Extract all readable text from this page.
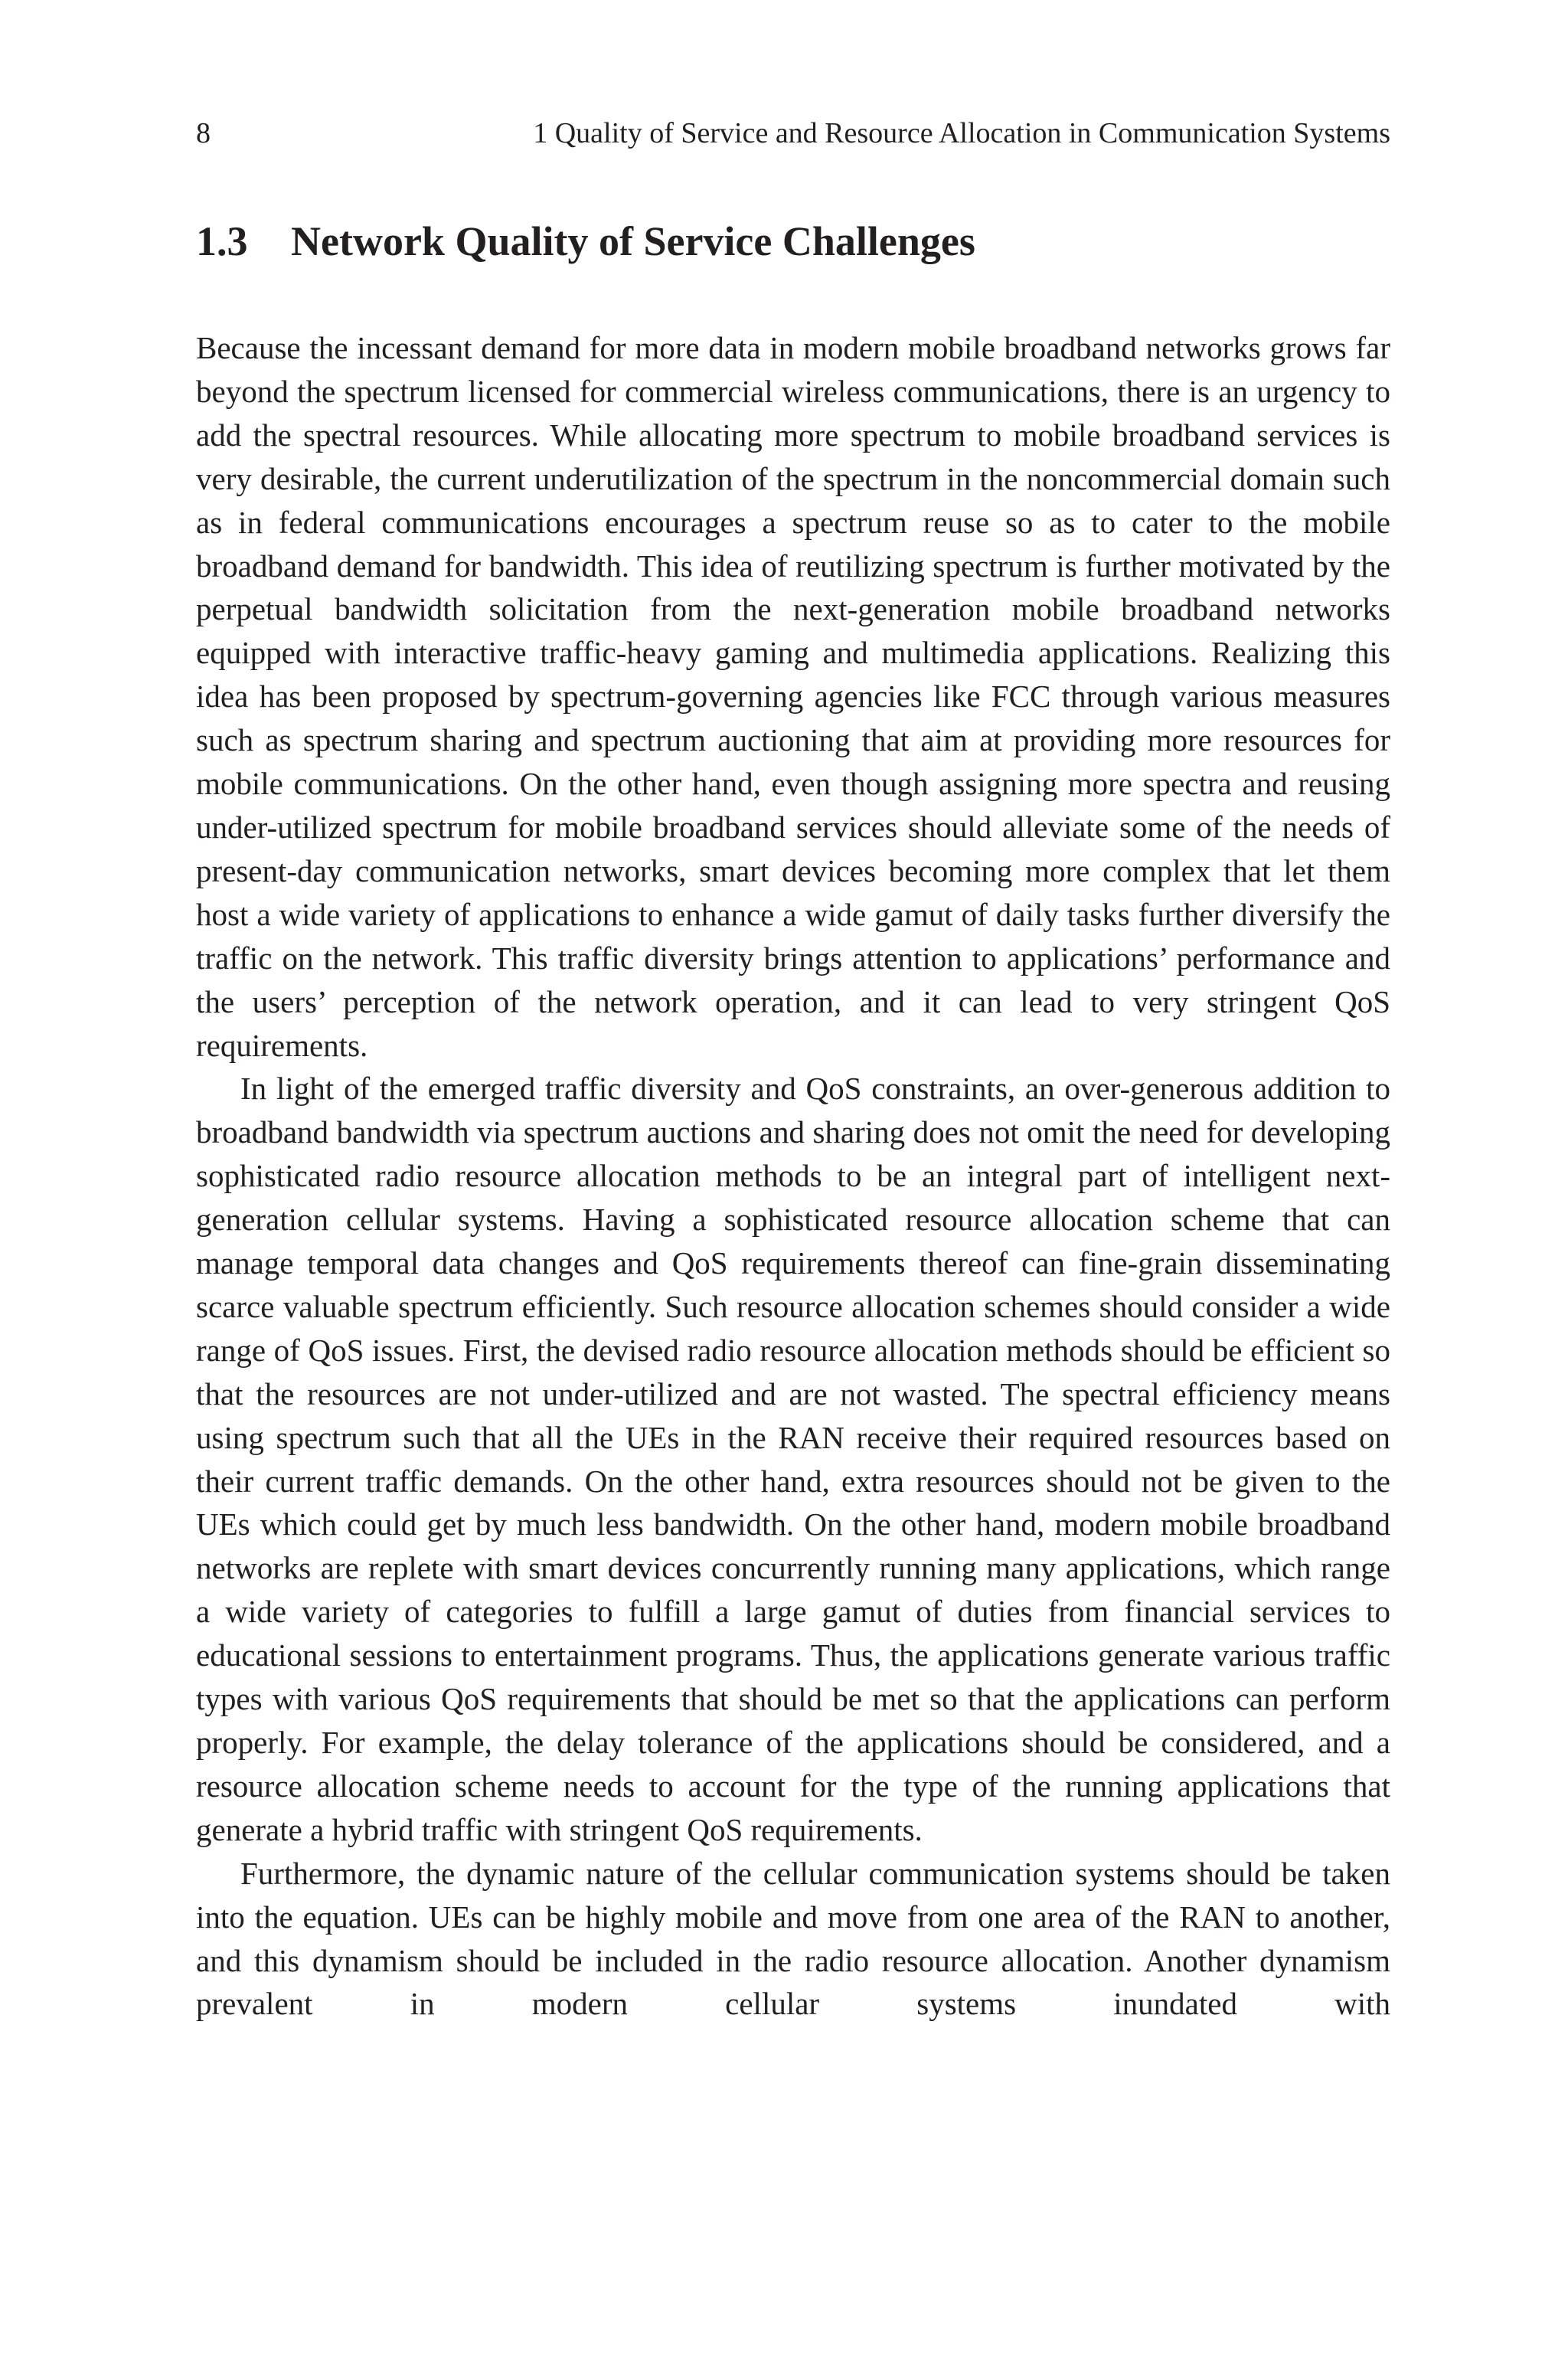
8	1 Quality of Service and Resource Allocation in Communication Systems
1.3	Network Quality of Service Challenges

Because the incessant demand for more data in modern mobile broadband networks grows far beyond the spectrum licensed for commercial wireless communications, there is an urgency to add the spectral resources. While allocating more spectrum to mobile broadband services is very desirable, the current underutilization of the spectrum in the noncommercial domain such as in federal communications encourages a spectrum reuse so as to cater to the mobile broadband demand for bandwidth. This idea of reutilizing spectrum is further motivated by the perpetual bandwidth solicitation from the next-generation mobile broadband networks equipped with interactive traffic-heavy gaming and multimedia applications. Realizing this idea has been proposed by spectrum-governing agencies like FCC through various measures such as spectrum sharing and spectrum auctioning that aim at providing more resources for mobile communications. On the other hand, even though assigning more spectra and reusing under-utilized spectrum for mobile broadband services should alleviate some of the needs of present-day communication networks, smart devices becoming more complex that let them host a wide variety of applications to enhance a wide gamut of daily tasks further diversify the traffic on the network. This traffic diversity brings attention to applications’ performance and the users’ perception of the network operation, and it can lead to very stringent QoS requirements.

In light of the emerged traffic diversity and QoS constraints, an over-generous addition to broadband bandwidth via spectrum auctions and sharing does not omit the need for developing sophisticated radio resource allocation methods to be an integral part of intelligent next-generation cellular systems. Having a sophisticated resource allocation scheme that can manage temporal data changes and QoS requirements thereof can fine-grain disseminating scarce valuable spectrum efficiently. Such resource allocation schemes should consider a wide range of QoS issues. First, the devised radio resource allocation methods should be efficient so that the resources are not under-utilized and are not wasted. The spectral efficiency means using spectrum such that all the UEs in the RAN receive their required resources based on their current traffic demands. On the other hand, extra resources should not be given to the UEs which could get by much less bandwidth. On the other hand, modern mobile broadband networks are replete with smart devices concurrently running many applications, which range a wide variety of categories to fulfill a large gamut of duties from financial services to educational sessions to entertainment programs. Thus, the applications generate various traffic types with various QoS requirements that should be met so that the applications can perform properly. For example, the delay tolerance of the applications should be considered, and a resource allocation scheme needs to account for the type of the running applications that generate a hybrid traffic with stringent QoS requirements.

Furthermore, the dynamic nature of the cellular communication systems should be taken into the equation. UEs can be highly mobile and move from one area of the RAN to another, and this dynamism should be included in the radio resource allocation. Another dynamism prevalent in modern cellular systems inundated with
